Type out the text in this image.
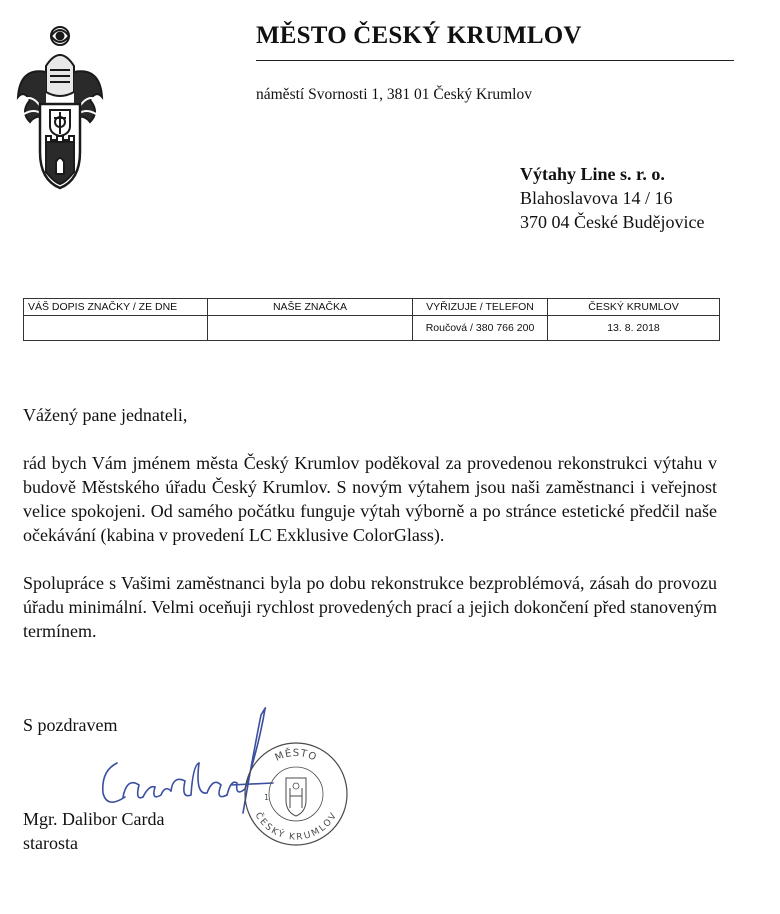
MĚSTO ČESKÝ KRUMLOV
náměstí Svornosti 1, 381 01 Český Krumlov
Výtahy Line s. r. o.
Blahoslavova 14 / 16
370 04 České Budějovice
VÁŠ DOPIS ZNAČKY / ZE DNE	NAŠE ZNAČKA	VYŘIZUJE / TELEFON	ČESKÝ KRUMLOV
		Roučová / 380 766 200	13. 8. 2018

Vážený pane jednateli,

rád bych Vám jménem města Český Krumlov poděkoval za provedenou rekonstrukci výtahu v budově Městského úřadu Český Krumlov. S novým výtahem jsou naši zaměstnanci i veřejnost velice spokojeni. Od samého počátku funguje výtah výborně a po stránce estetické předčil naše očekávání (kabina v provedení LC Exklusive ColorGlass).

Spolupráce s Vašimi zaměstnanci byla po dobu rekonstrukce bezproblémová, zásah do provozu úřadu minimální. Velmi oceňuji rychlost provedených prací a jejich dokončení před stanoveným termínem.

S pozdravem
MĚSTO
ČESKÝ KRUMLOV
1
Mgr. Dalibor Carda
starosta
